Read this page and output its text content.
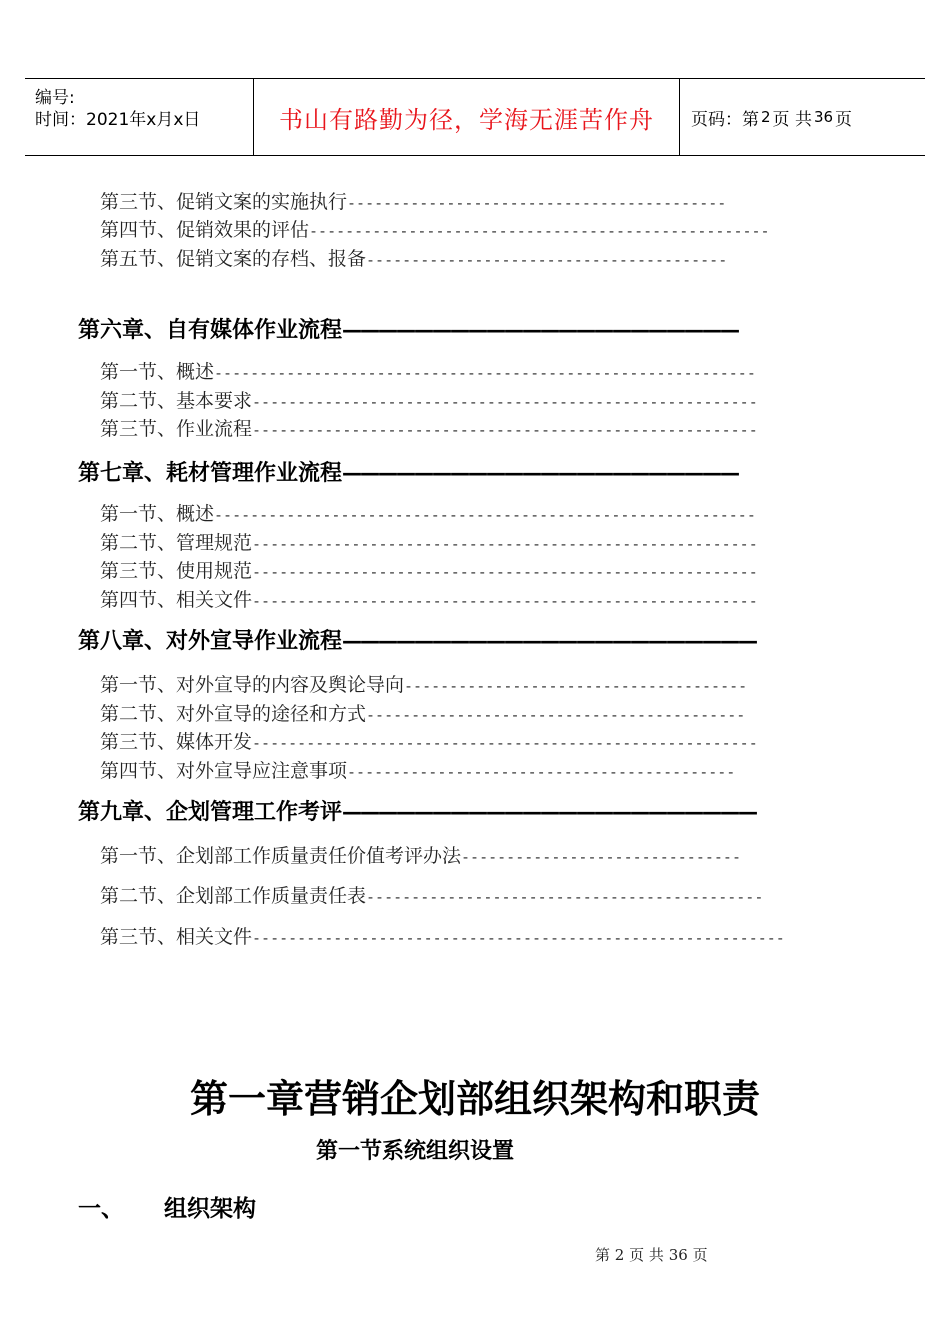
编号:
时间：2021年x月x日	书山有路勤为径，学海无涯苦作舟 页码：第 2 页 共 36 页
第三节、促销文案的实施执行------------------------------------------
第四节、促销效果的评估---------------------------------------------------
第五节、促销文案的存档、报备----------------------------------------
第六章、自有媒体作业流程——————————————————————
第一节、概述------------------------------------------------------------
第二节、基本要求--------------------------------------------------------
第三节、作业流程--------------------------------------------------------
第七章、耗材管理作业流程——————————————————————
第一节、概述------------------------------------------------------------
第二节、管理规范--------------------------------------------------------
第三节、使用规范--------------------------------------------------------
第四节、相关文件--------------------------------------------------------
第八章、对外宣导作业流程———————————————————————
第一节、对外宣导的内容及舆论导向--------------------------------------
第二节、对外宣导的途径和方式------------------------------------------
第三节、媒体开发--------------------------------------------------------
第四节、对外宣导应注意事项-------------------------------------------
第九章、企划管理工作考评———————————————————————
第一节、企划部工作质量责任价值考评办法-------------------------------
第二节、企划部工作质量责任表--------------------------------------------
第三节、相关文件-----------------------------------------------------------
第一章营销企划部组织架构和职责
第一节系统组织设置
一、 组织架构
第 2 页 共 36 页
